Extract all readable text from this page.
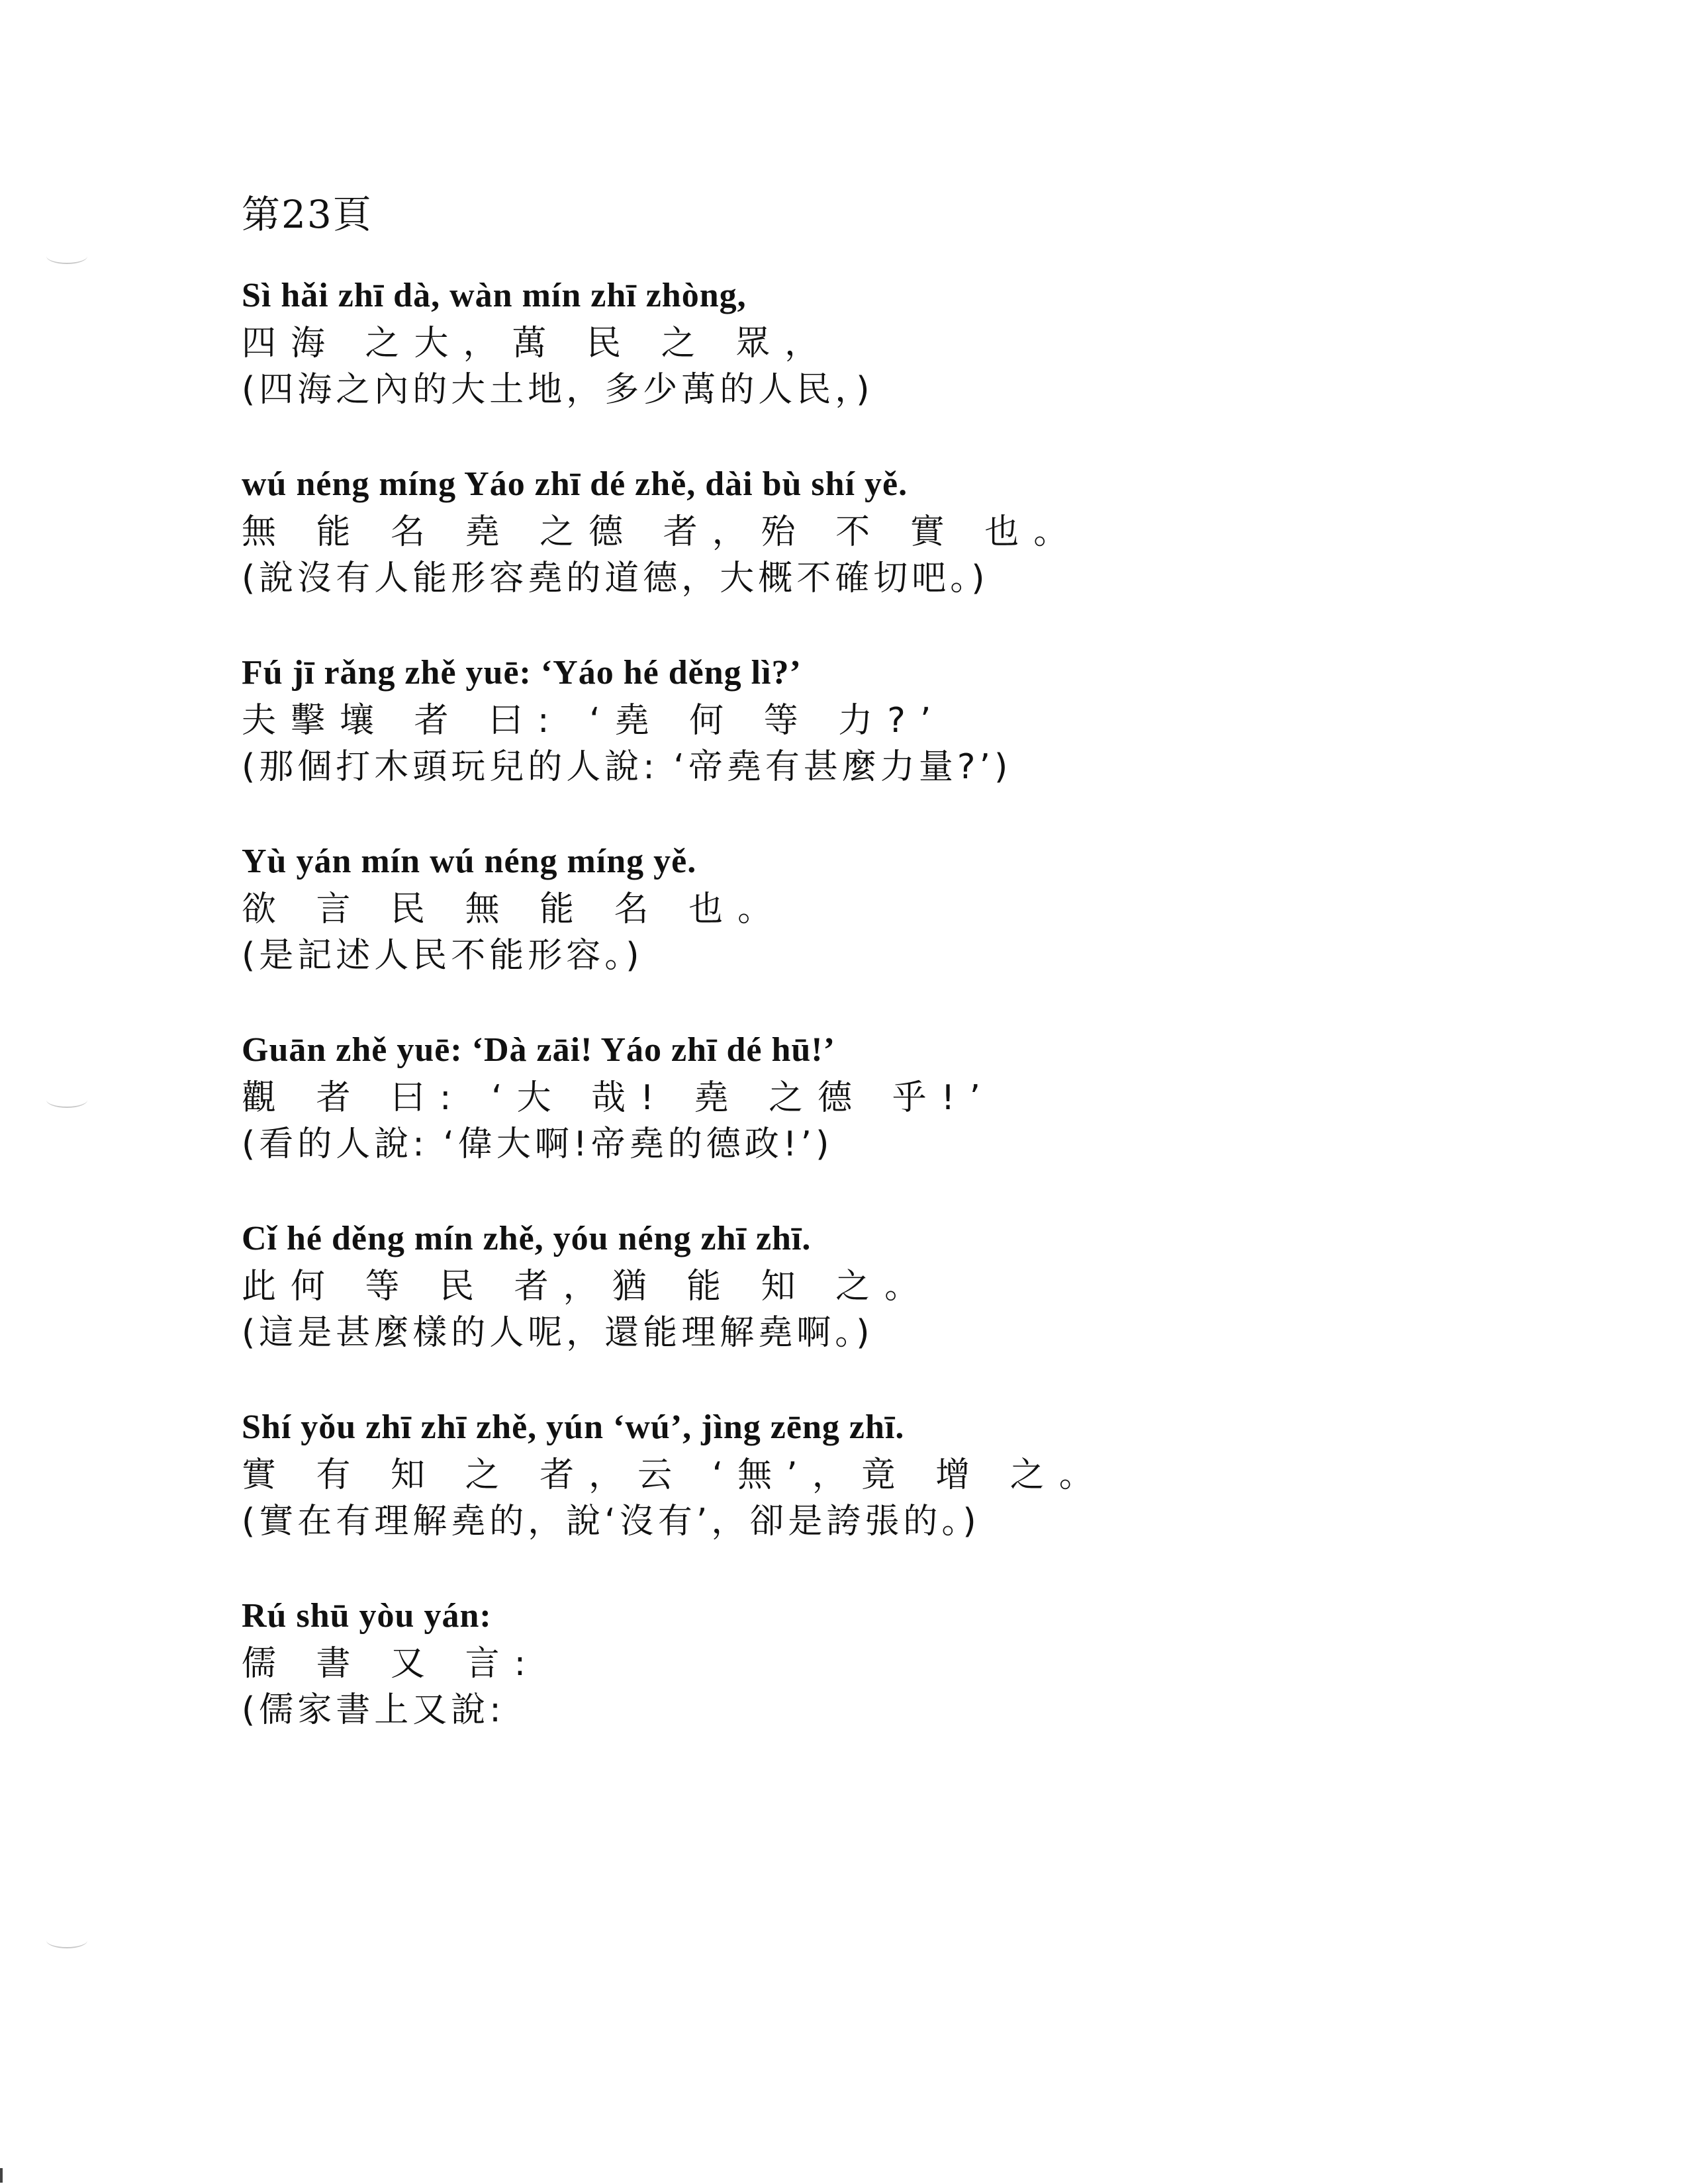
第23頁
Sì hǎi zhī dà, wàn mín zhī zhòng,
四海 之大，萬 民 之 眾，
(四海之內的大土地，多少萬的人民，)
wú néng míng Yáo zhī dé zhě, dài bù shí yě.
無 能 名 堯 之德 者，殆 不 實 也。
(說沒有人能形容堯的道德，大概不確切吧。)
Fú jī rǎng zhě yuē: ‘Yáo hé děng lì?’
夫擊壤 者 曰: ‘堯 何 等 力?’
(那個打木頭玩兒的人說: ‘帝堯有甚麼力量?’)
Yù yán mín wú néng míng yě.
欲 言 民 無 能 名 也。
(是記述人民不能形容。)
Guān zhě yuē: ‘Dà zāi! Yáo zhī dé hū!’
觀 者 曰: ‘大 哉! 堯 之德 乎!’
(看的人說: ‘偉大啊!帝堯的德政!’)
Cǐ hé děng mín zhě, yóu néng zhī zhī.
此何 等 民 者，猶 能 知 之。
(這是甚麼樣的人呢，還能理解堯啊。)
Shí yǒu zhī zhī zhě, yún ‘wú’, jìng zēng zhī.
實 有 知 之 者，云 ‘無’，竟 增 之。
(實在有理解堯的，說‘沒有’，卻是誇張的。)
Rú shū yòu yán:
儒 書 又 言:
(儒家書上又說:
